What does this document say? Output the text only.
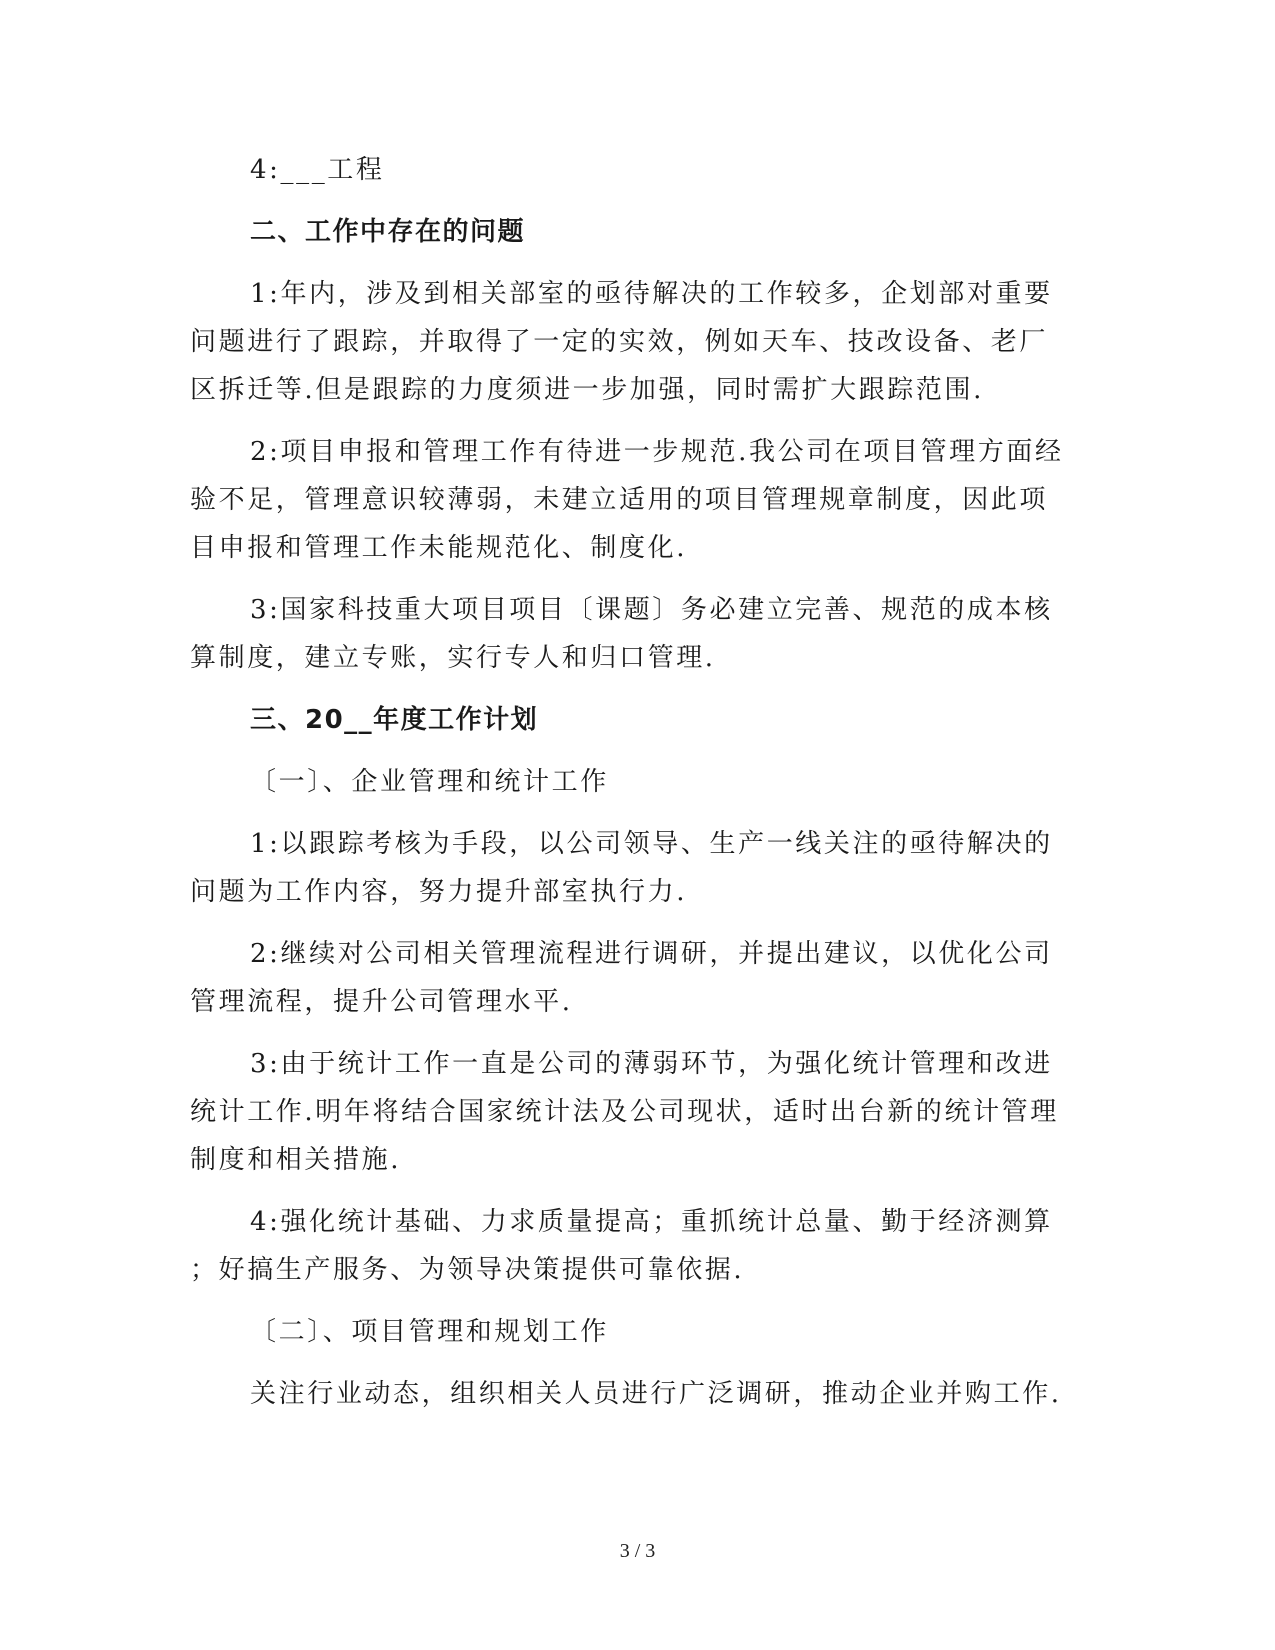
4:___工程
二、工作中存在的问题
1:年内，涉及到相关部室的亟待解决的工作较多，企划部对重要
问题进行了跟踪，并取得了一定的实效，例如天车、技改设备、老厂
区拆迁等.但是跟踪的力度须进一步加强，同时需扩大跟踪范围.
2:项目申报和管理工作有待进一步规范.我公司在项目管理方面经
验不足，管理意识较薄弱，未建立适用的项目管理规章制度，因此项
目申报和管理工作未能规范化、制度化.
3:国家科技重大项目项目〔课题〕务必建立完善、规范的成本核
算制度，建立专账，实行专人和归口管理.
三、20__年度工作计划
〔一〕、企业管理和统计工作
1:以跟踪考核为手段，以公司领导、生产一线关注的亟待解决的
问题为工作内容，努力提升部室执行力.
2:继续对公司相关管理流程进行调研，并提出建议，以优化公司
管理流程，提升公司管理水平.
3:由于统计工作一直是公司的薄弱环节，为强化统计管理和改进
统计工作.明年将结合国家统计法及公司现状，适时出台新的统计管理
制度和相关措施.
4:强化统计基础、力求质量提高；重抓统计总量、勤于经济测算
；好搞生产服务、为领导决策提供可靠依据.
〔二〕、项目管理和规划工作
关注行业动态，组织相关人员进行广泛调研，推动企业并购工作.
3 / 3
